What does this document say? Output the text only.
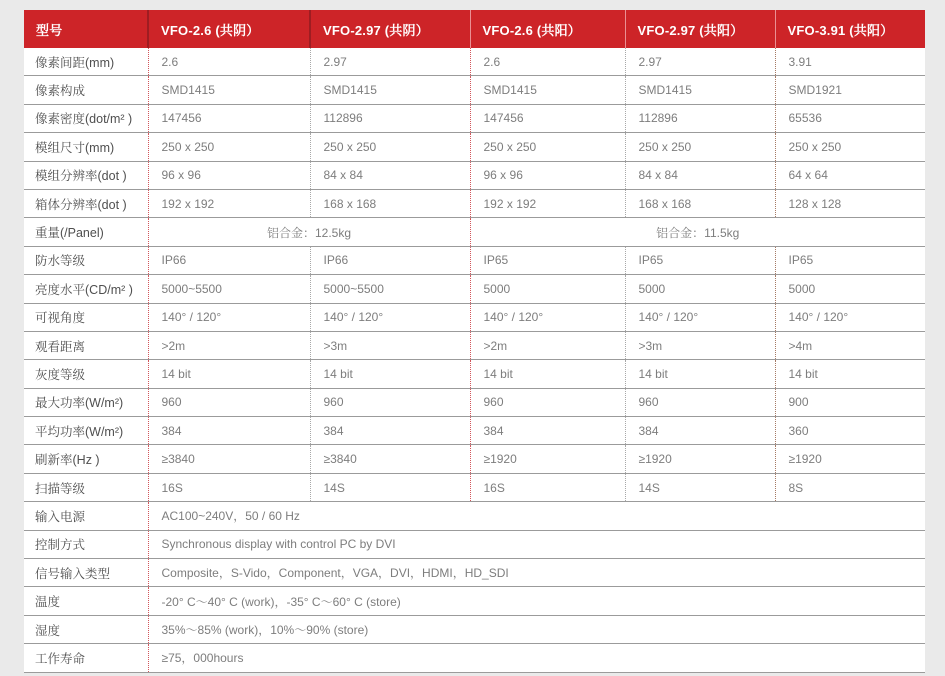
型号	VFO-2.6 (共阴）	VFO-2.97 (共阴）	VFO-2.6 (共阳）	VFO-2.97 (共阳）	VFO-3.91 (共阳）
像素间距(mm)	2.6	2.97	2.6	2.97	3.91
像素构成	SMD1415	SMD1415	SMD1415	SMD1415	SMD1921
像素密度(dot/m² )	147456	112896	147456	112896	65536
模组尺寸(mm)	250 x 250	250 x 250	250 x 250	250 x 250	250 x 250
模组分辨率(dot )	96 x 96	84 x 84	96 x 96	84 x 84	64 x 64
箱体分辨率(dot )	192 x 192	168 x 168	192 x 192	168 x 168	128 x 128
重量(/Panel)	铝合金：12.5kg		铝合金：11.5kg		
防水等级	IP66	IP66	IP65	IP65	IP65
亮度水平(CD/m² )	5000~5500	5000~5500	5000	5000	5000
可视角度	140° / 120°	140° / 120°	140° / 120°	140° / 120°	140° / 120°
观看距离	>2m	>3m	>2m	>3m	>4m
灰度等级	14 bit	14 bit	14 bit	14 bit	14 bit
最大功率(W/m²)	960	960	960	960	900
平均功率(W/m²)	384	384	384	384	360
刷新率(Hz )	≥3840	≥3840	≥1920	≥1920	≥1920
扫描等级	16S	14S	16S	14S	8S
输入电源	AC100~240V，50 / 60 Hz				
控制方式	Synchronous display with control PC by DVI				
信号输入类型	Composite，S-Vido，Component，VGA，DVI，HDMI，HD_SDI				
温度	-20° C～40° C (work)，-35° C～60° C (store)				
湿度	35%～85% (work)，10%～90% (store)				
工作寿命	≥75，000hours				
